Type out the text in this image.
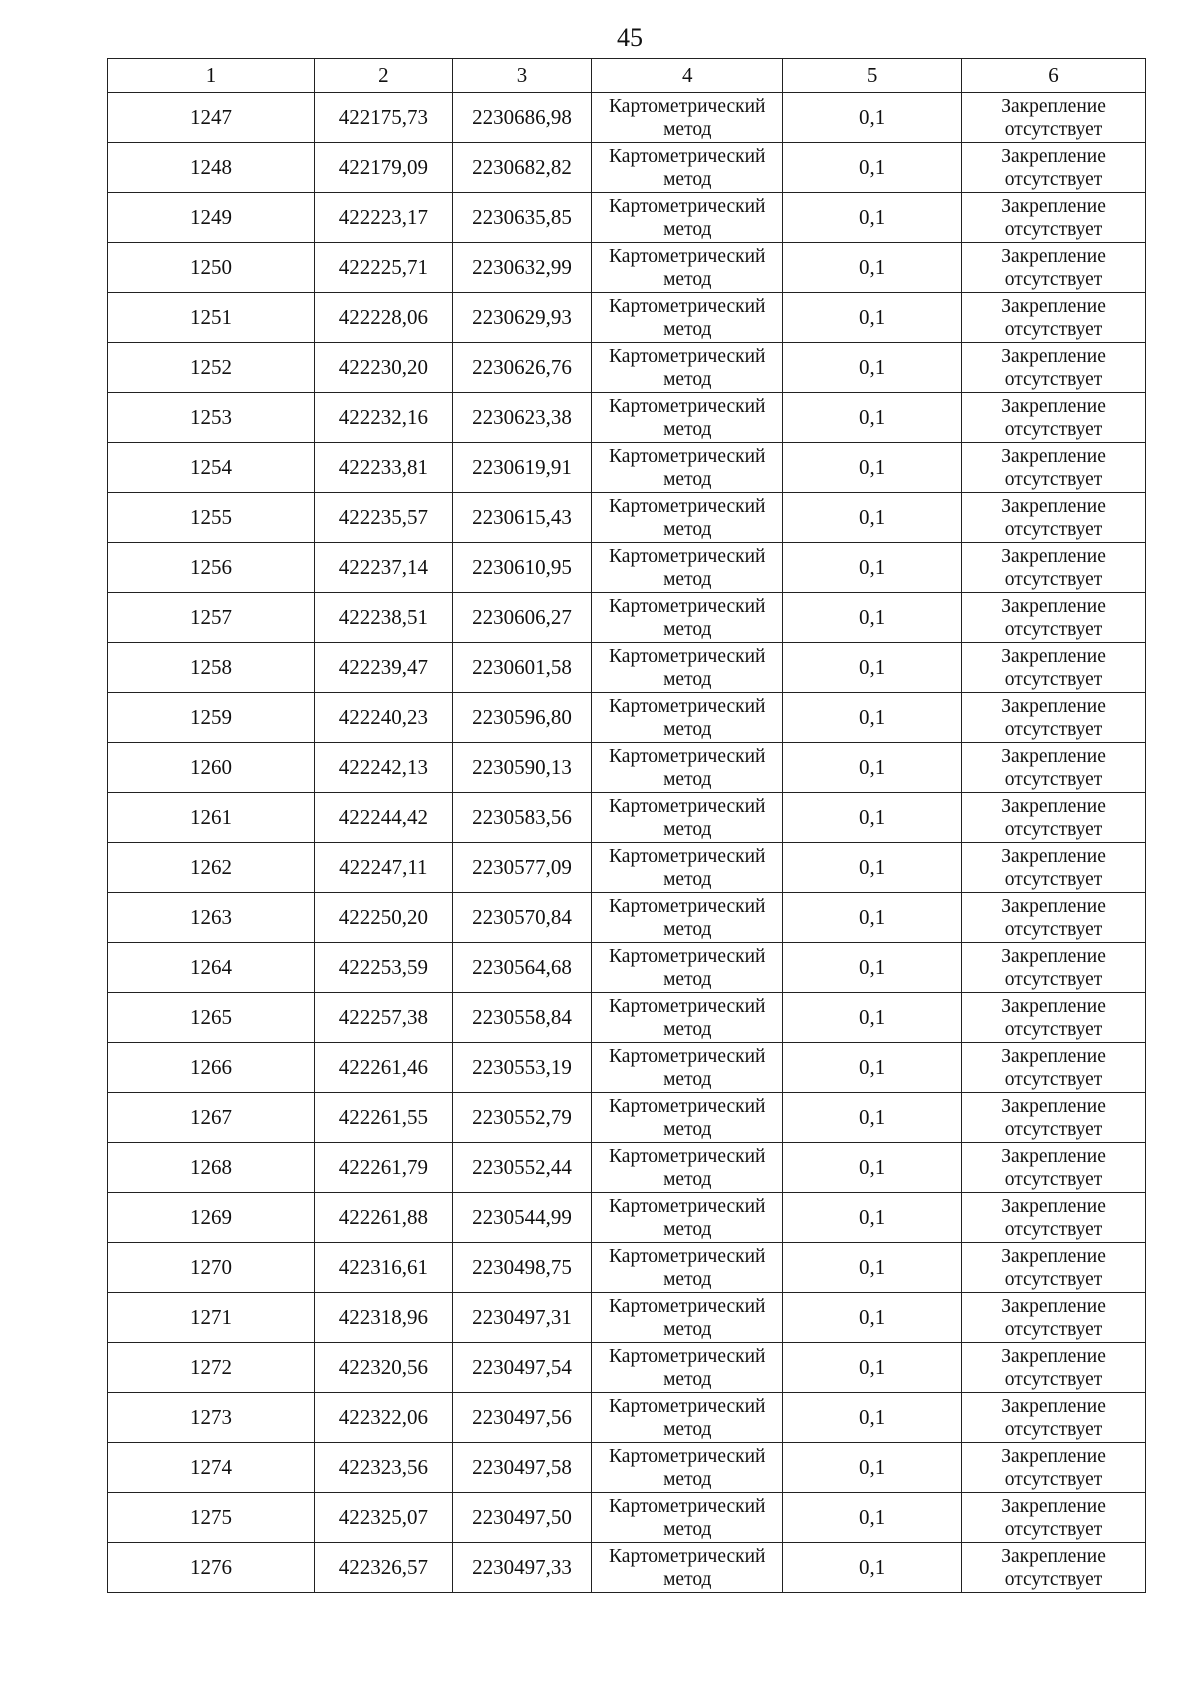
45
1	2	3	4	5	6
1247	422175,73	2230686,98	Картометрический метод	0,1	Закрепление отсутствует
1248	422179,09	2230682,82	Картометрический метод	0,1	Закрепление отсутствует
1249	422223,17	2230635,85	Картометрический метод	0,1	Закрепление отсутствует
1250	422225,71	2230632,99	Картометрический метод	0,1	Закрепление отсутствует
1251	422228,06	2230629,93	Картометрический метод	0,1	Закрепление отсутствует
1252	422230,20	2230626,76	Картометрический метод	0,1	Закрепление отсутствует
1253	422232,16	2230623,38	Картометрический метод	0,1	Закрепление отсутствует
1254	422233,81	2230619,91	Картометрический метод	0,1	Закрепление отсутствует
1255	422235,57	2230615,43	Картометрический метод	0,1	Закрепление отсутствует
1256	422237,14	2230610,95	Картометрический метод	0,1	Закрепление отсутствует
1257	422238,51	2230606,27	Картометрический метод	0,1	Закрепление отсутствует
1258	422239,47	2230601,58	Картометрический метод	0,1	Закрепление отсутствует
1259	422240,23	2230596,80	Картометрический метод	0,1	Закрепление отсутствует
1260	422242,13	2230590,13	Картометрический метод	0,1	Закрепление отсутствует
1261	422244,42	2230583,56	Картометрический метод	0,1	Закрепление отсутствует
1262	422247,11	2230577,09	Картометрический метод	0,1	Закрепление отсутствует
1263	422250,20	2230570,84	Картометрический метод	0,1	Закрепление отсутствует
1264	422253,59	2230564,68	Картометрический метод	0,1	Закрепление отсутствует
1265	422257,38	2230558,84	Картометрический метод	0,1	Закрепление отсутствует
1266	422261,46	2230553,19	Картометрический метод	0,1	Закрепление отсутствует
1267	422261,55	2230552,79	Картометрический метод	0,1	Закрепление отсутствует
1268	422261,79	2230552,44	Картометрический метод	0,1	Закрепление отсутствует
1269	422261,88	2230544,99	Картометрический метод	0,1	Закрепление отсутствует
1270	422316,61	2230498,75	Картометрический метод	0,1	Закрепление отсутствует
1271	422318,96	2230497,31	Картометрический метод	0,1	Закрепление отсутствует
1272	422320,56	2230497,54	Картометрический метод	0,1	Закрепление отсутствует
1273	422322,06	2230497,56	Картометрический метод	0,1	Закрепление отсутствует
1274	422323,56	2230497,58	Картометрический метод	0,1	Закрепление отсутствует
1275	422325,07	2230497,50	Картометрический метод	0,1	Закрепление отсутствует
1276	422326,57	2230497,33	Картометрический метод	0,1	Закрепление отсутствует
